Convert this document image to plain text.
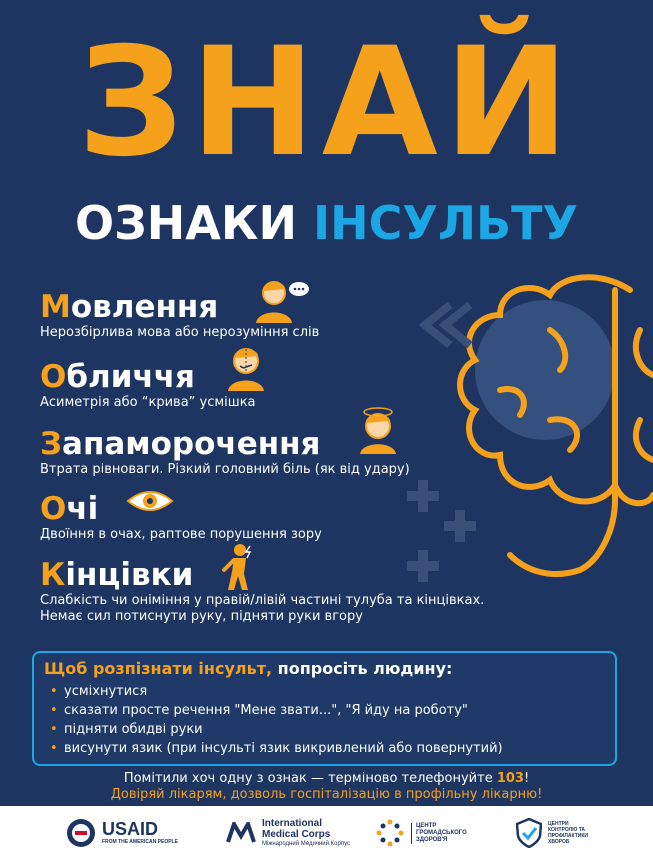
ЗНАЙ
ОЗНАКИ ІНСУЛЬТУ
Мовлення
Нерозбірлива мова або нерозуміння слів
Обличчя
Асиметрія або “крива” усмішка
Запаморочення
Втрата рівноваги. Різкий головний біль (як від удару)
Очі
Двоїння в очах, раптове порушення зору
Кінцівки
Слабкість чи оніміння у правій/лівій частині тулуба та кінцівках.
Немає сил потиснути руку, підняти руки вгору
Щоб розпізнати інсульт, попросіть людину:
• усміхнутися
• сказати просте речення "Мене звати...", "Я йду на роботу"
• підняти обидві руки
• висунути язик (при інсульті язик викривлений або повернутий)
Помітили хоч одну з ознак — терміново телефонуйте 103!
Довіряй лікарям, дозволь госпіталізацію в профільну лікарню!
USAID
FROM THE AMERICAN PEOPLE
International
Medical Corps
Міжнародний Медичний Корпус
ЦЕНТР
ГРОМАДСЬКОГО
ЗДОРОВ'Я
ЦЕНТРИ
КОНТРОЛЮ ТА
ПРОФІЛАКТИКИ
ХВОРОБ
